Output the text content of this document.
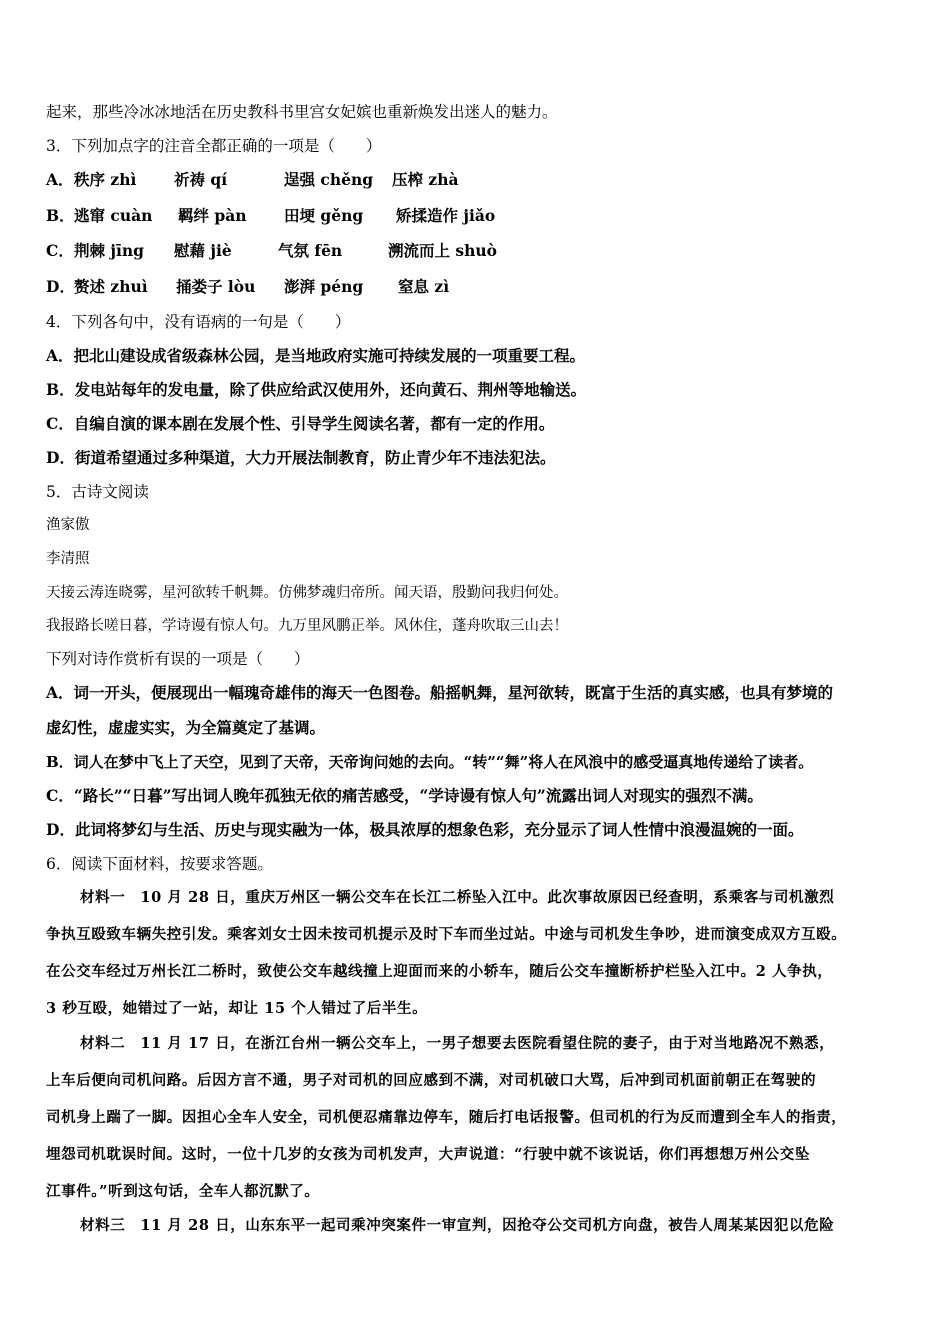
起来，那些冷冰冰地活在历史教科书里宫女妃嫔也重新焕发出迷人的魅力。
3．下列加点字的注音全都正确的一项是（　　）
A． 秩序 zhì 祈祷 qí	逞强 chěng 压榨 zhà
B． 逃窜 cuàn 羁绊 pàn 田埂 gěng 矫揉造作 jiǎo
C． 荆棘 jīng 慰藉 jiè	气氛 fēn	溯流而上 shuò
D． 赘述 zhuì 捅娄子 lòu 澎湃 péng 窒息 zì
4．下列各句中，没有语病的一句是（　　）
A．把北山建设成省级森林公园，是当地政府实施可持续发展的一项重要工程。
B．发电站每年的发电量，除了供应给武汉使用外，还向黄石、荆州等地输送。
C．自编自演的课本剧在发展个性、引导学生阅读名著，都有一定的作用。
D．街道希望通过多种渠道，大力开展法制教育，防止青少年不违法犯法。
5．古诗文阅读
渔家傲
李清照
天接云涛连晓雾，星河欲转千帆舞。仿佛梦魂归帝所。闻天语，殷勤问我归何处。
我报路长嗟日暮，学诗谩有惊人句。九万里风鹏正举。风休住，蓬舟吹取三山去！
下列对诗作赏析有误的一项是（　　）
A．词一开头，便展现出一幅瑰奇雄伟的海天一色图卷。船摇帆舞，星河欲转，既富于生活的真实感，也具有梦境的
虚幻性，虚虚实实，为全篇奠定了基调。
B．词人在梦中飞上了天空，见到了天帝，天帝询问她的去向。“转”“舞”将人在风浪中的感受逼真地传递给了读者。
C．“路长”“日暮”写出词人晚年孤独无依的痛苦感受，“学诗谩有惊人句”流露出词人对现实的强烈不满。
D．此词将梦幻与生活、历史与现实融为一体，极具浓厚的想象色彩，充分显示了词人性情中浪漫温婉的一面。
6．阅读下面材料，按要求答题。
材料一　10 月 28 日，重庆万州区一辆公交车在长江二桥坠入江中。此次事故原因已经查明，系乘客与司机激烈
争执互殴致车辆失控引发。乘客刘女士因未按司机提示及时下车而坐过站。中途与司机发生争吵，进而演变成双方互殴。
在公交车经过万州长江二桥时，致使公交车越线撞上迎面而来的小轿车，随后公交车撞断桥护栏坠入江中。2 人争执，
3 秒互殴，她错过了一站，却让 15 个人错过了后半生。
材料二　11 月 17 日，在浙江台州一辆公交车上，一男子想要去医院看望住院的妻子，由于对当地路况不熟悉，
上车后便向司机问路。后因方言不通，男子对司机的回应感到不满，对司机破口大骂，后冲到司机面前朝正在驾驶的
司机身上踹了一脚。因担心全车人安全，司机便忍痛靠边停车，随后打电话报警。但司机的行为反而遭到全车人的指责，
埋怨司机耽误时间。这时，一位十几岁的女孩为司机发声，大声说道：“行驶中就不该说话，你们再想想万州公交坠
江事件。”听到这句话，全车人都沉默了。
材料三　11 月 28 日，山东东平一起司乘冲突案件一审宣判，因抢夺公交司机方向盘，被告人周某某因犯以危险
